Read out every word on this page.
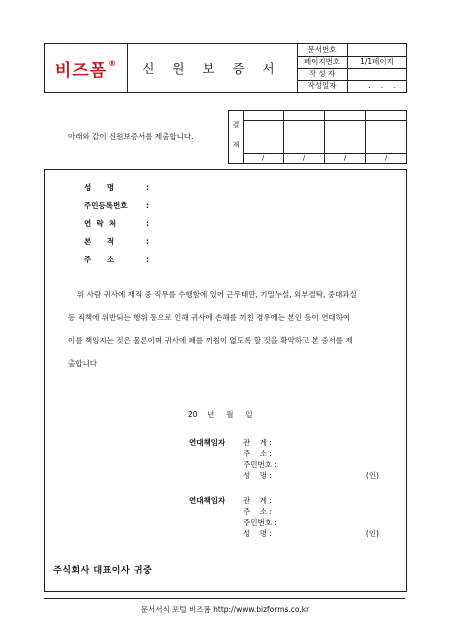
비즈폼®	신 원 보 증 서
문서번호
페이지번호	1/1페이지
작 성 자
작성일자	. . .
아래와 같이 신원보증서를 제출합니다.
결
재
/	/	/	/
성      명	:
주민등록번호 :
연  락  처	:
본      적	:
주      소	:
위 사람 귀사에 재직 중 직무를 수행함에 있어 근무태만, 기밀누설, 외부결탁, 중대과실
등 직책에 위반되는 행위 등으로 인해 귀사에 손해를 끼친 경우에는 본인 등이 연대하여
이를 책임지는 것은 물론이며 귀사에 폐를 끼침이 없도록 할 것을 확약하고 본 증서를 제
출합니다
20    년     월     일
연대책임자 관    계 :
주    소 :
주민번호 :
성    명 :	(인)
연대책임자 관    계 :
주    소 :
주민번호 :
성    명 :	(인)
주식회사 대표이사 귀중
문서서식 포털 비즈폼 http://www.bizforms.co.kr
